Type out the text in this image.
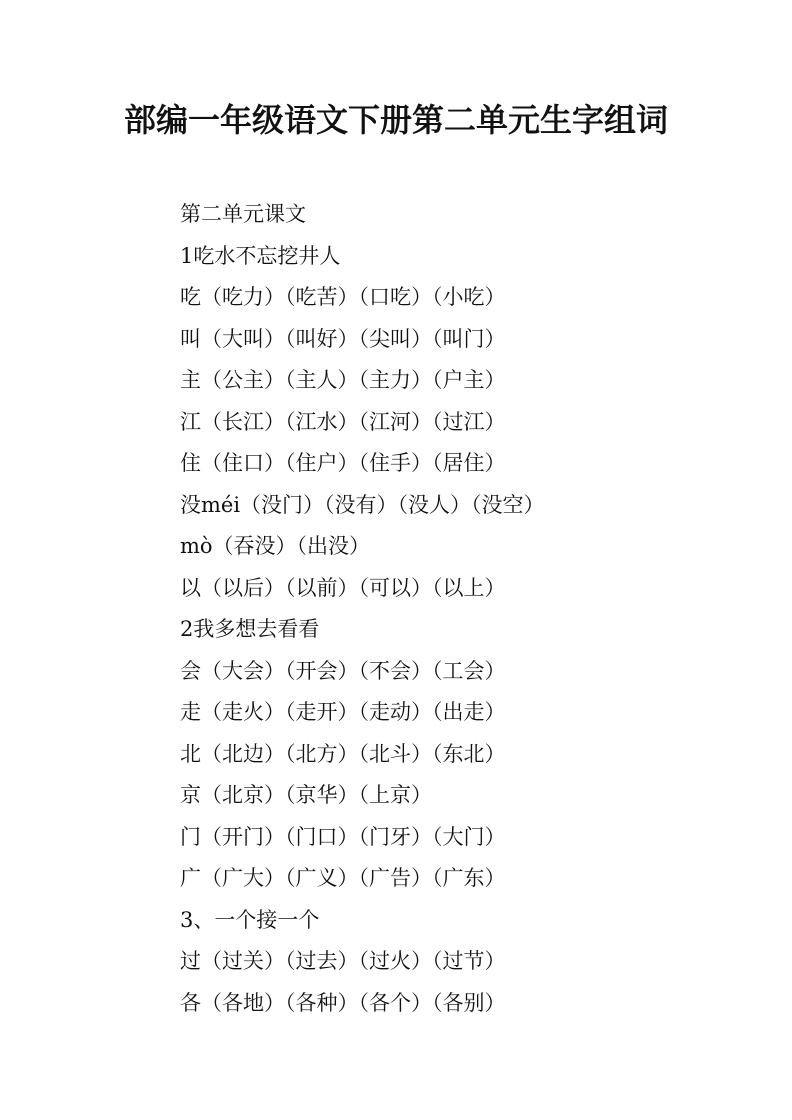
部编一年级语文下册第二单元生字组词
第二单元课文
1吃水不忘挖井人
吃（吃力）（吃苦）（口吃）（小吃）
叫（大叫）（叫好）（尖叫）（叫门）
主（公主）（主人）（主力）（户主）
江（长江）（江水）（江河）（过江）
住（住口）（住户）（住手）（居住）
没méi（没门）（没有）（没人）（没空）
mò（吞没）（出没）
以（以后）（以前）（可以）（以上）
2我多想去看看
会（大会）（开会）（不会）（工会）
走（走火）（走开）（走动）（出走）
北（北边）（北方）（北斗）（东北）
京（北京）（京华）（上京）
门（开门）（门口）（门牙）（大门）
广（广大）（广义）（广告）（广东）
3、一个接一个
过（过关）（过去）（过火）（过节）
各（各地）（各种）（各个）（各别）
